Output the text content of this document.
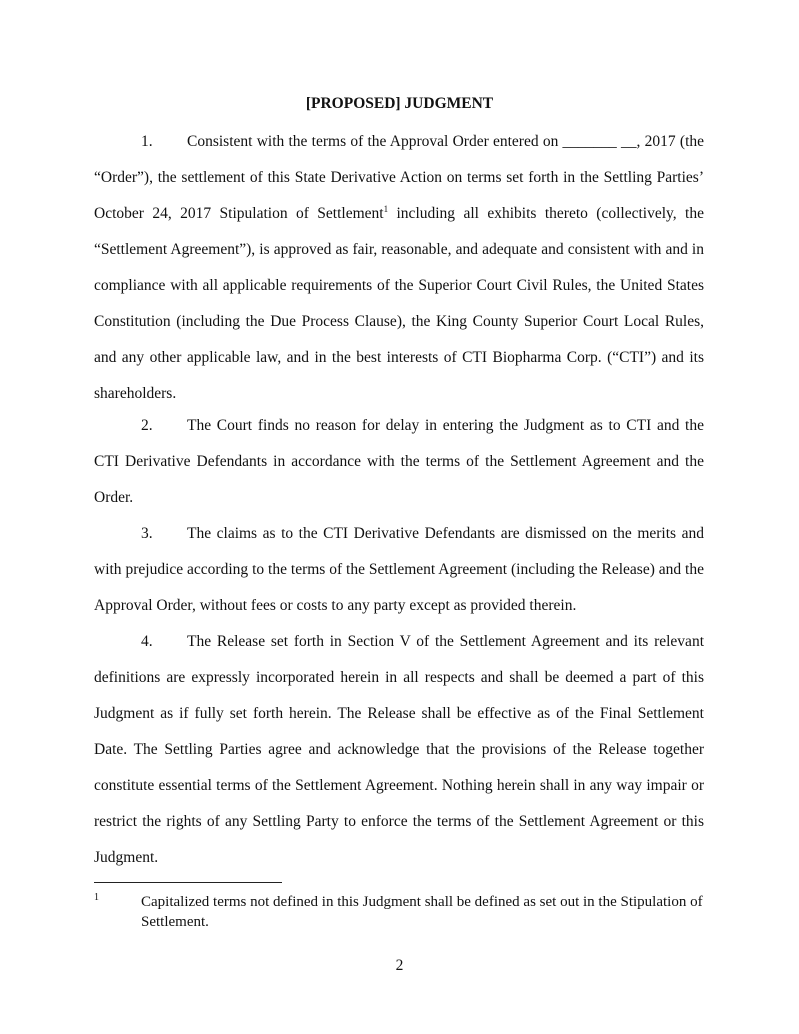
[PROPOSED] JUDGMENT

1. Consistent with the terms of the Approval Order entered on _______ __, 2017 (the “Order”), the settlement of this State Derivative Action on terms set forth in the Settling Parties’ October 24, 2017 Stipulation of Settlement$^1$ including all exhibits thereto (collectively, the “Settlement Agreement”), is approved as fair, reasonable, and adequate and consistent with and in compliance with all applicable requirements of the Superior Court Civil Rules, the United States Constitution (including the Due Process Clause), the King County Superior Court Local Rules, and any other applicable law, and in the best interests of CTI Biopharma Corp. (“CTI”) and its shareholders.

2. The Court finds no reason for delay in entering the Judgment as to CTI and the CTI Derivative Defendants in accordance with the terms of the Settlement Agreement and the Order.

3. The claims as to the CTI Derivative Defendants are dismissed on the merits and with prejudice according to the terms of the Settlement Agreement (including the Release) and the Approval Order, without fees or costs to any party except as provided therein.

4. The Release set forth in Section V of the Settlement Agreement and its relevant definitions are expressly incorporated herein in all respects and shall be deemed a part of this Judgment as if fully set forth herein. The Release shall be effective as of the Final Settlement Date. The Settling Parties agree and acknowledge that the provisions of the Release together constitute essential terms of the Settlement Agreement. Nothing herein shall in any way impair or restrict the rights of any Settling Party to enforce the terms of the Settlement Agreement or this Judgment.

1	Capitalized terms not defined in this Judgment shall be defined as set out in the Stipulation of Settlement.
2
